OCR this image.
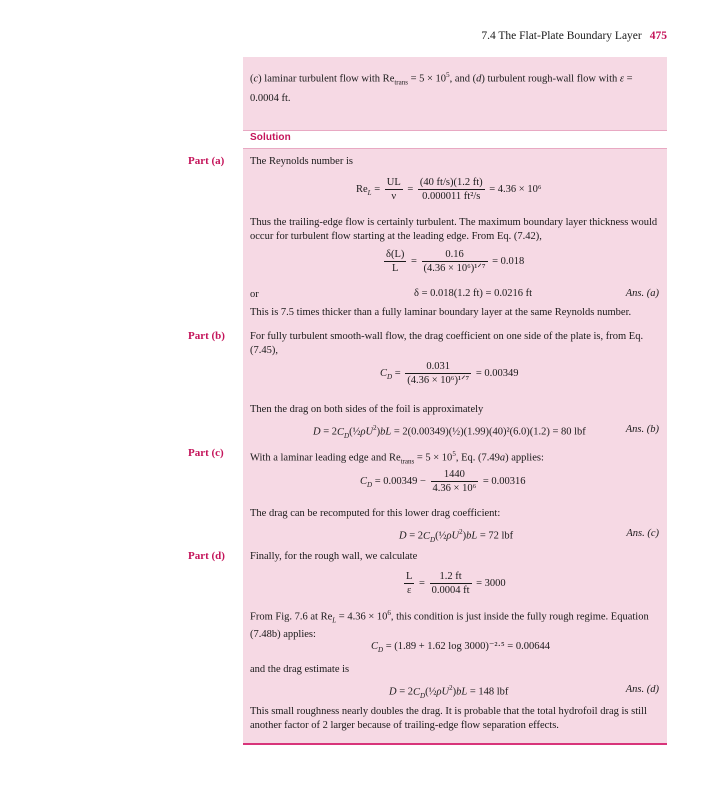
7.4 The Flat-Plate Boundary Layer 475
(c) laminar turbulent flow with $Re_{trans} = 5 \times 10^5$, and (d) turbulent rough-wall flow with ε = 0.0004 ft.
Solution
Part (a) The Reynolds number is
$Re_L = \frac{UL}{\nu} = \frac{(40 ft/s)(1.2 ft)}{\text{0.000011 ft²/s}} = 4.36 \times 10^6$
Thus the trailing-edge flow is certainly turbulent. The maximum boundary layer thickness would occur for turbulent flow starting at the leading edge. From Eq. (7.42),
$\frac{\delta(L)}{L} = \frac{0.16}{\text{(4.36 × 10⁶)¹ᐟ⁷}} = 0.018$
or	δ = 0.018(1.2 ft) = 0.0216 ft	Ans. (a)
This is 7.5 times thicker than a fully laminar boundary layer at the same Reynolds number.
Part (b) For fully turbulent smooth-wall flow, the drag coefficient on one side of the plate is, from Eq. (7.45),
$C_D = \frac{0.031}{\text{(4.36 × 10⁶)¹ᐟ⁷}} = 0.00349$
Then the drag on both sides of the foil is approximately
$D = 2C_D(\frac{1}{2}\rho U^2)bL$ = 2(0.00349)(½)(1.99)(40)²(6.0)(1.2) = 80 lbf	Ans. (b)
Part (c)	With a laminar leading edge and $Re_{trans} = 5 \times 10^5$, Eq. (7.49a) applies:
$C_D = 0.00349 - \frac{1440}{\text{4.36 × 10⁶}} = 0.00316$
The drag can be recomputed for this lower drag coefficient:
$D = 2C_D(\frac{1}{2}\rho U^2)bL = 72$ lbf	Ans. (c)
Part (d) Finally, for the rough wall, we calculate
$\frac{L}{\varepsilon} = \frac{1.2 ft}{0.0004 ft} = 3000$
From Fig. 7.6 at $Re_L = 4.36 \times 10^6$, this condition is just inside the fully rough regime. Equation (7.48b) applies:
$C_D = (1.89 + 1.62$ log 3000)⁻²·⁵ = 0.00644
and the drag estimate is
$D = 2C_D(\frac{1}{2}\rho U^2)bL = 148$ lbf	Ans. (d)
This small roughness nearly doubles the drag. It is probable that the total hydrofoil drag is still another factor of 2 larger because of trailing-edge flow separation effects.
